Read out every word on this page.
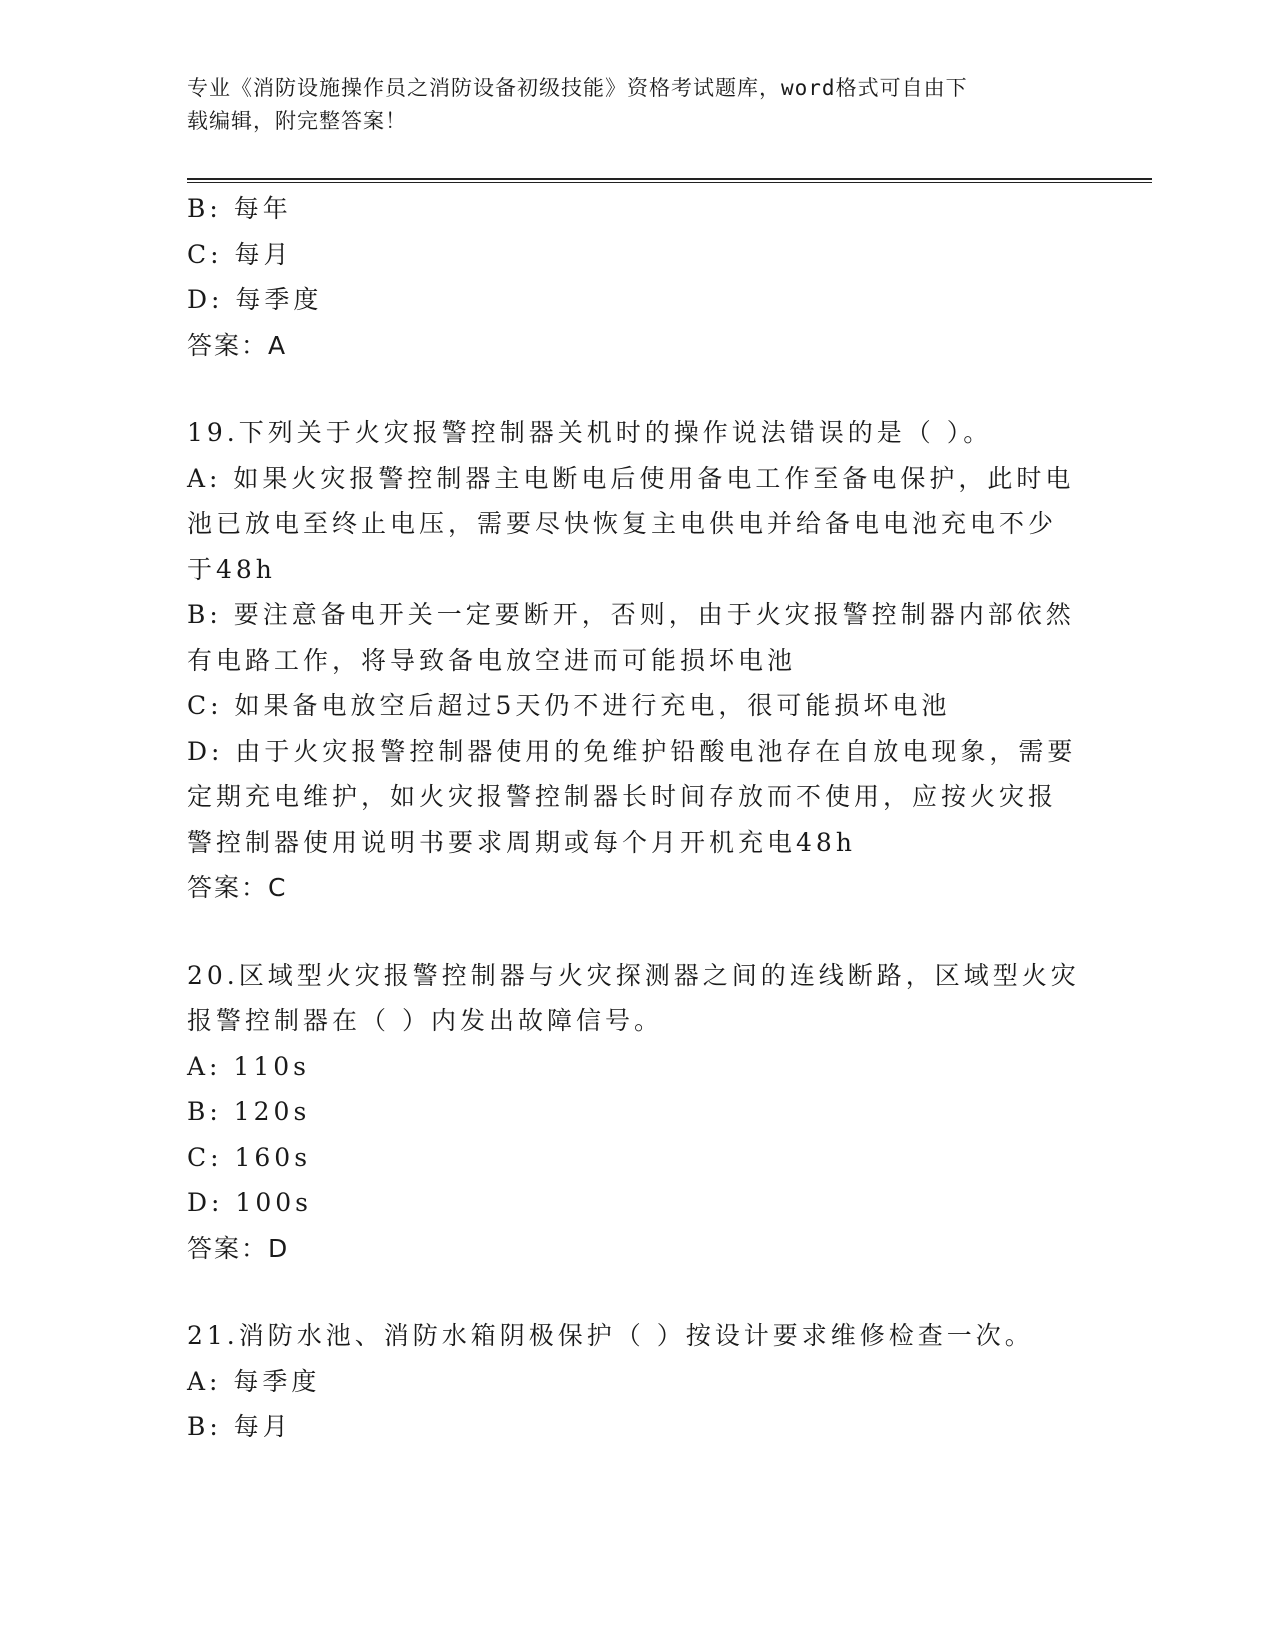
专业《消防设施操作员之消防设备初级技能》资格考试题库，word格式可自由下
载编辑，附完整答案！
B: 每年
C: 每月
D: 每季度
答案：A
19.下列关于火灾报警控制器关机时的操作说法错误的是（ ）。
A: 如果火灾报警控制器主电断电后使用备电工作至备电保护，此时电
池已放电至终止电压，需要尽快恢复主电供电并给备电电池充电不少
于48h
B: 要注意备电开关一定要断开，否则，由于火灾报警控制器内部依然
有电路工作，将导致备电放空进而可能损坏电池
C: 如果备电放空后超过5天仍不进行充电，很可能损坏电池
D: 由于火灾报警控制器使用的免维护铅酸电池存在自放电现象，需要
定期充电维护，如火灾报警控制器长时间存放而不使用，应按火灾报
警控制器使用说明书要求周期或每个月开机充电48h
答案：C
20.区域型火灾报警控制器与火灾探测器之间的连线断路，区域型火灾
报警控制器在（ ）内发出故障信号。
A: 110s
B: 120s
C: 160s
D: 100s
答案：D
21.消防水池、消防水箱阴极保护（ ）按设计要求维修检查一次。
A: 每季度
B: 每月
